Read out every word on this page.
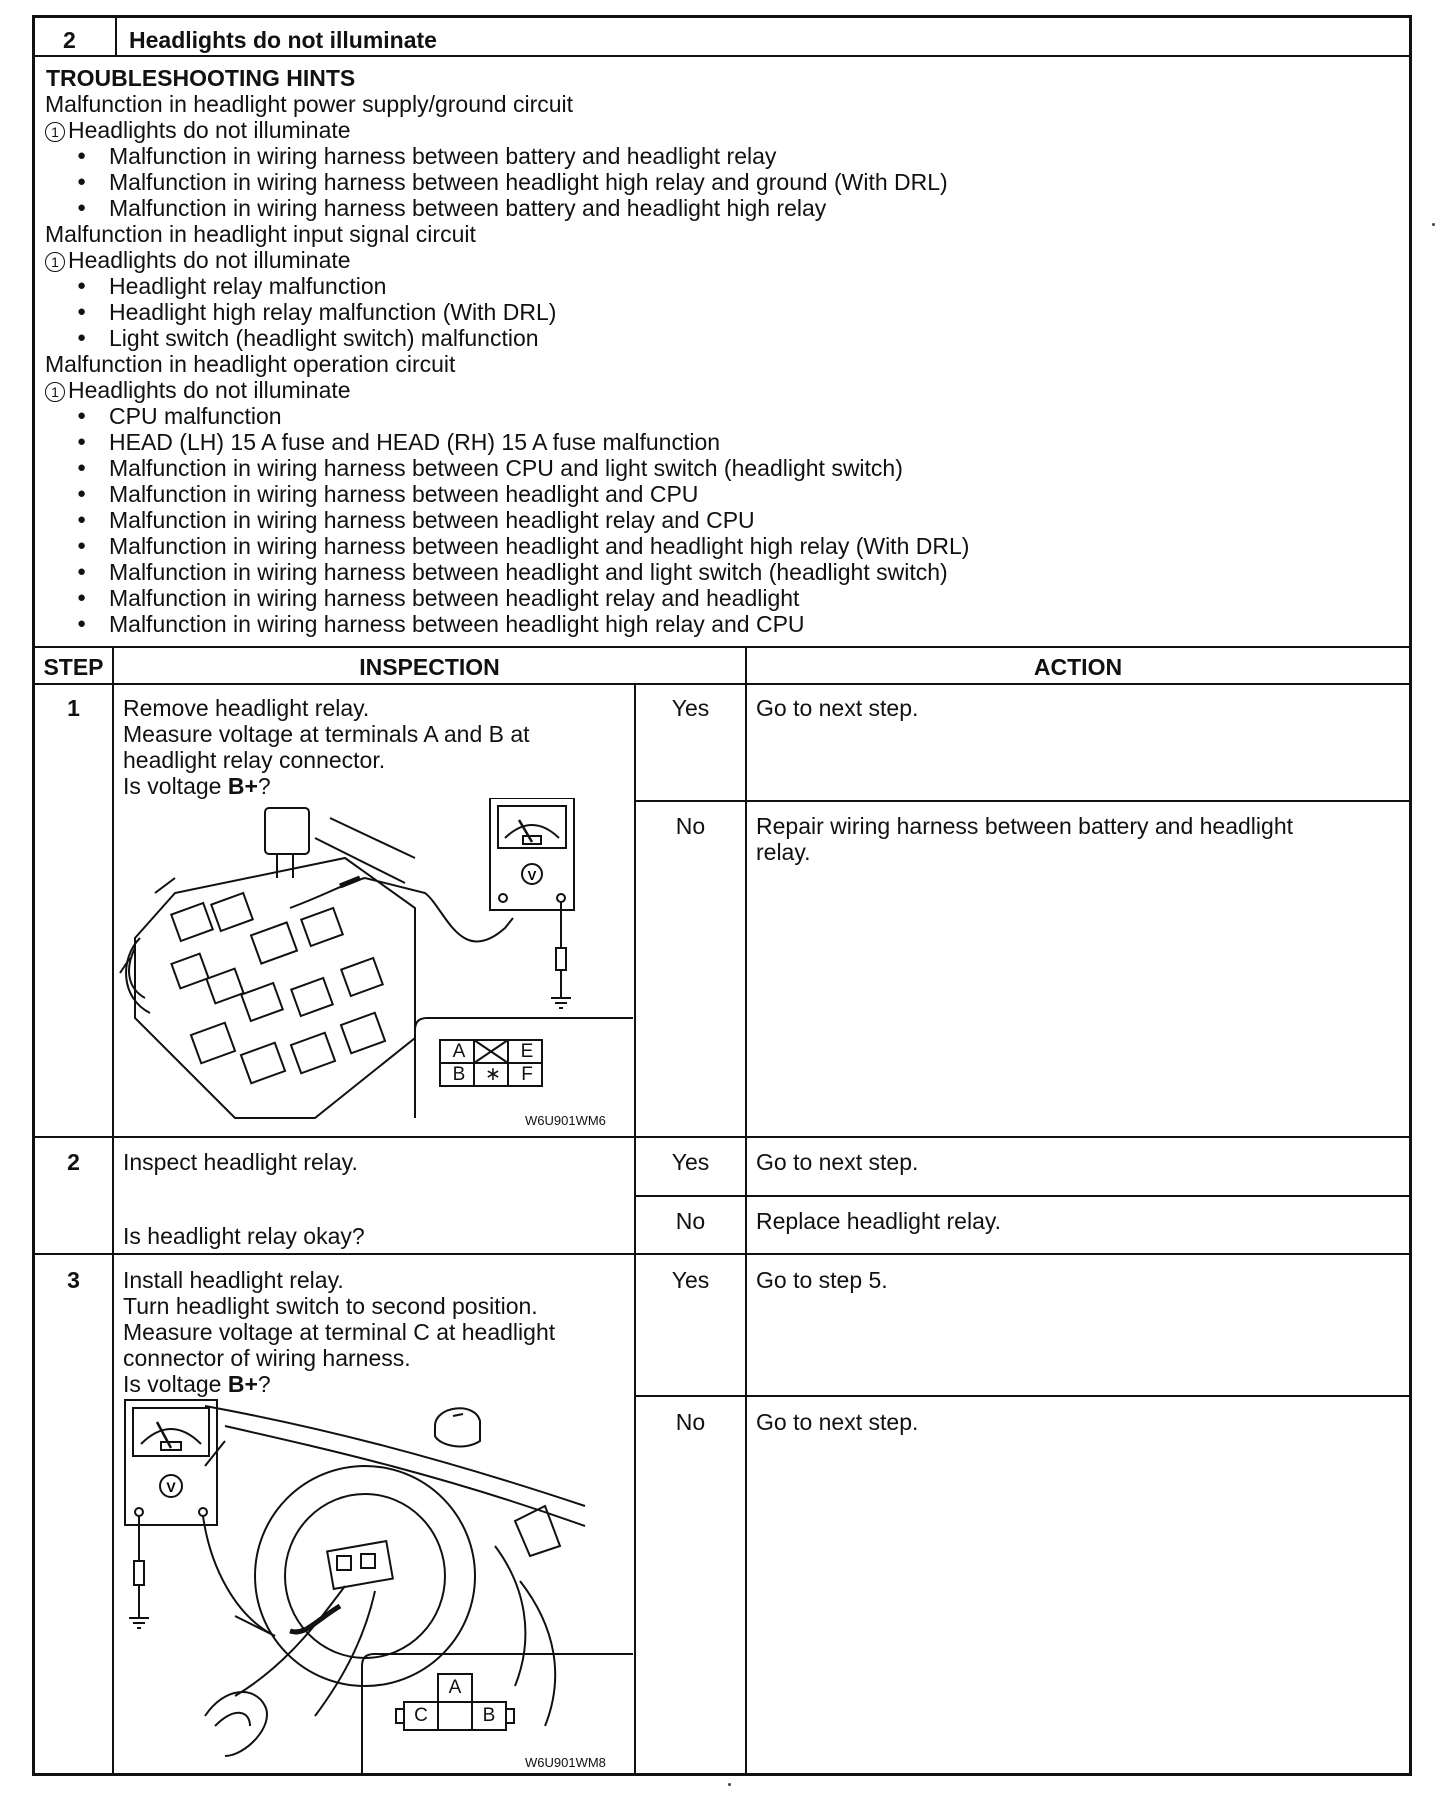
2 Headlights do not illuminate
TROUBLESHOOTING HINTS
Malfunction in headlight power supply/ground circuit
1 Headlights do not illuminate
● Malfunction in wiring harness between battery and headlight relay
● Malfunction in wiring harness between headlight high relay and ground (With DRL)
● Malfunction in wiring harness between battery and headlight high relay
Malfunction in headlight input signal circuit
1 Headlights do not illuminate
● Headlight relay malfunction
● Headlight high relay malfunction (With DRL)
● Light switch (headlight switch) malfunction
Malfunction in headlight operation circuit
1 Headlights do not illuminate
● CPU malfunction
● HEAD (LH) 15 A fuse and HEAD (RH) 15 A fuse malfunction
● Malfunction in wiring harness between CPU and light switch (headlight switch)
● Malfunction in wiring harness between headlight and CPU
● Malfunction in wiring harness between headlight relay and CPU
● Malfunction in wiring harness between headlight and headlight high relay (With DRL)
● Malfunction in wiring harness between headlight and light switch (headlight switch)
● Malfunction in wiring harness between headlight relay and headlight
● Malfunction in wiring harness between headlight high relay and CPU
STEP	INSPECTION	ACTION
1	Remove headlight relay.
Measure voltage at terminals A and B at
headlight relay connector.
Is voltage B+?
Yes	Go to next step.
No	Repair wiring harness between battery and headlight
relay.
V
A	E
B ∗	F
W6U901WM6
2	Inspect headlight relay.
Is headlight relay okay?
Yes	Go to next step.
No	Replace headlight relay.
3	Install headlight relay.
Turn headlight switch to second position.
Measure voltage at terminal C at headlight
connector of wiring harness.
Is voltage B+?
Yes	Go to step 5.
No	Go to next step.
V
A
C	B
W6U901WM8
